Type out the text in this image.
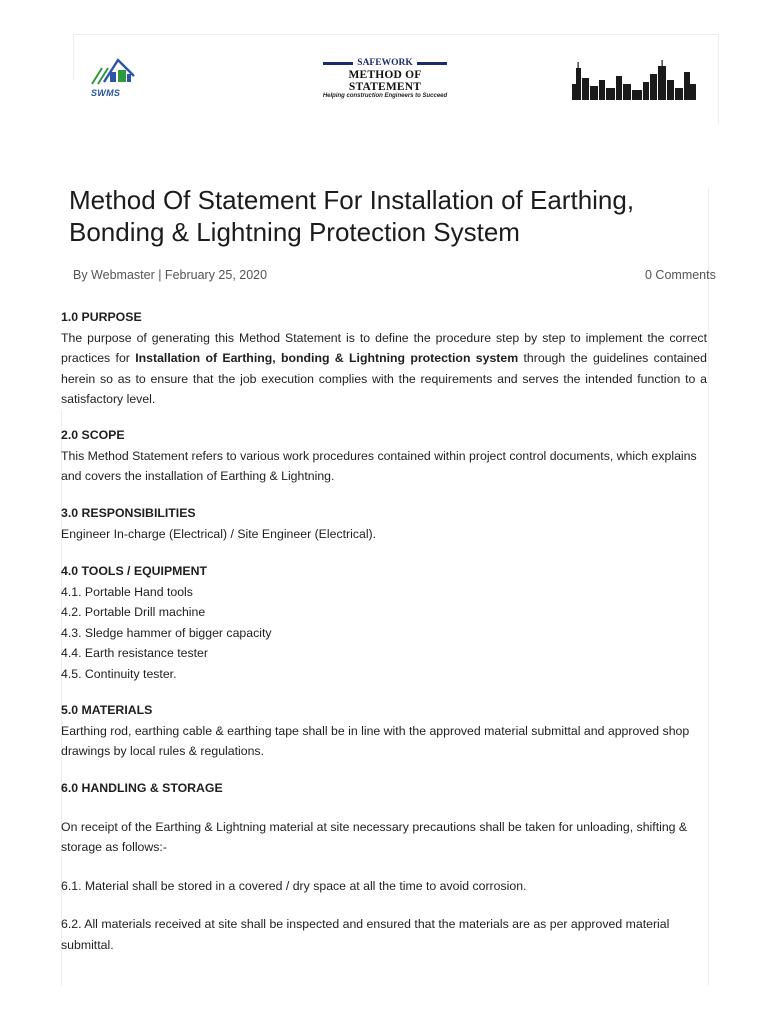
SWMS
SAFEWORK
METHOD OF STATEMENT
Helping construction Engineers to Succeed
Method Of Statement For Installation of Earthing,
Bonding & Lightning Protection System
By Webmaster | February 25, 2020	0 Comments
1.0 PURPOSE

The purpose of generating this Method Statement is to define the procedure step by step to implement the correct practices for Installation of Earthing, bonding & Lightning protection system through the guidelines contained herein so as to ensure that the job execution complies with the requirements and serves the intended function to a satisfactory level.

2.0 SCOPE

This Method Statement refers to various work procedures contained within project control documents, which explains and covers the installation of Earthing & Lightning.

3.0 RESPONSIBILITIES

Engineer In-charge (Electrical) / Site Engineer (Electrical).

4.0 TOOLS / EQUIPMENT
4.1. Portable Hand tools
4.2. Portable Drill machine
4.3. Sledge hammer of bigger capacity
4.4. Earth resistance tester
4.5. Continuity tester.
5.0 MATERIALS

Earthing rod, earthing cable & earthing tape shall be in line with the approved material submittal and approved shop drawings by local rules & regulations.

6.0 HANDLING & STORAGE

On receipt of the Earthing & Lightning material at site necessary precautions shall be taken for unloading, shifting & storage as follows:-

6.1. Material shall be stored in a covered / dry space at all the time to avoid corrosion.

6.2. All materials received at site shall be inspected and ensured that the materials are as per approved material submittal.
